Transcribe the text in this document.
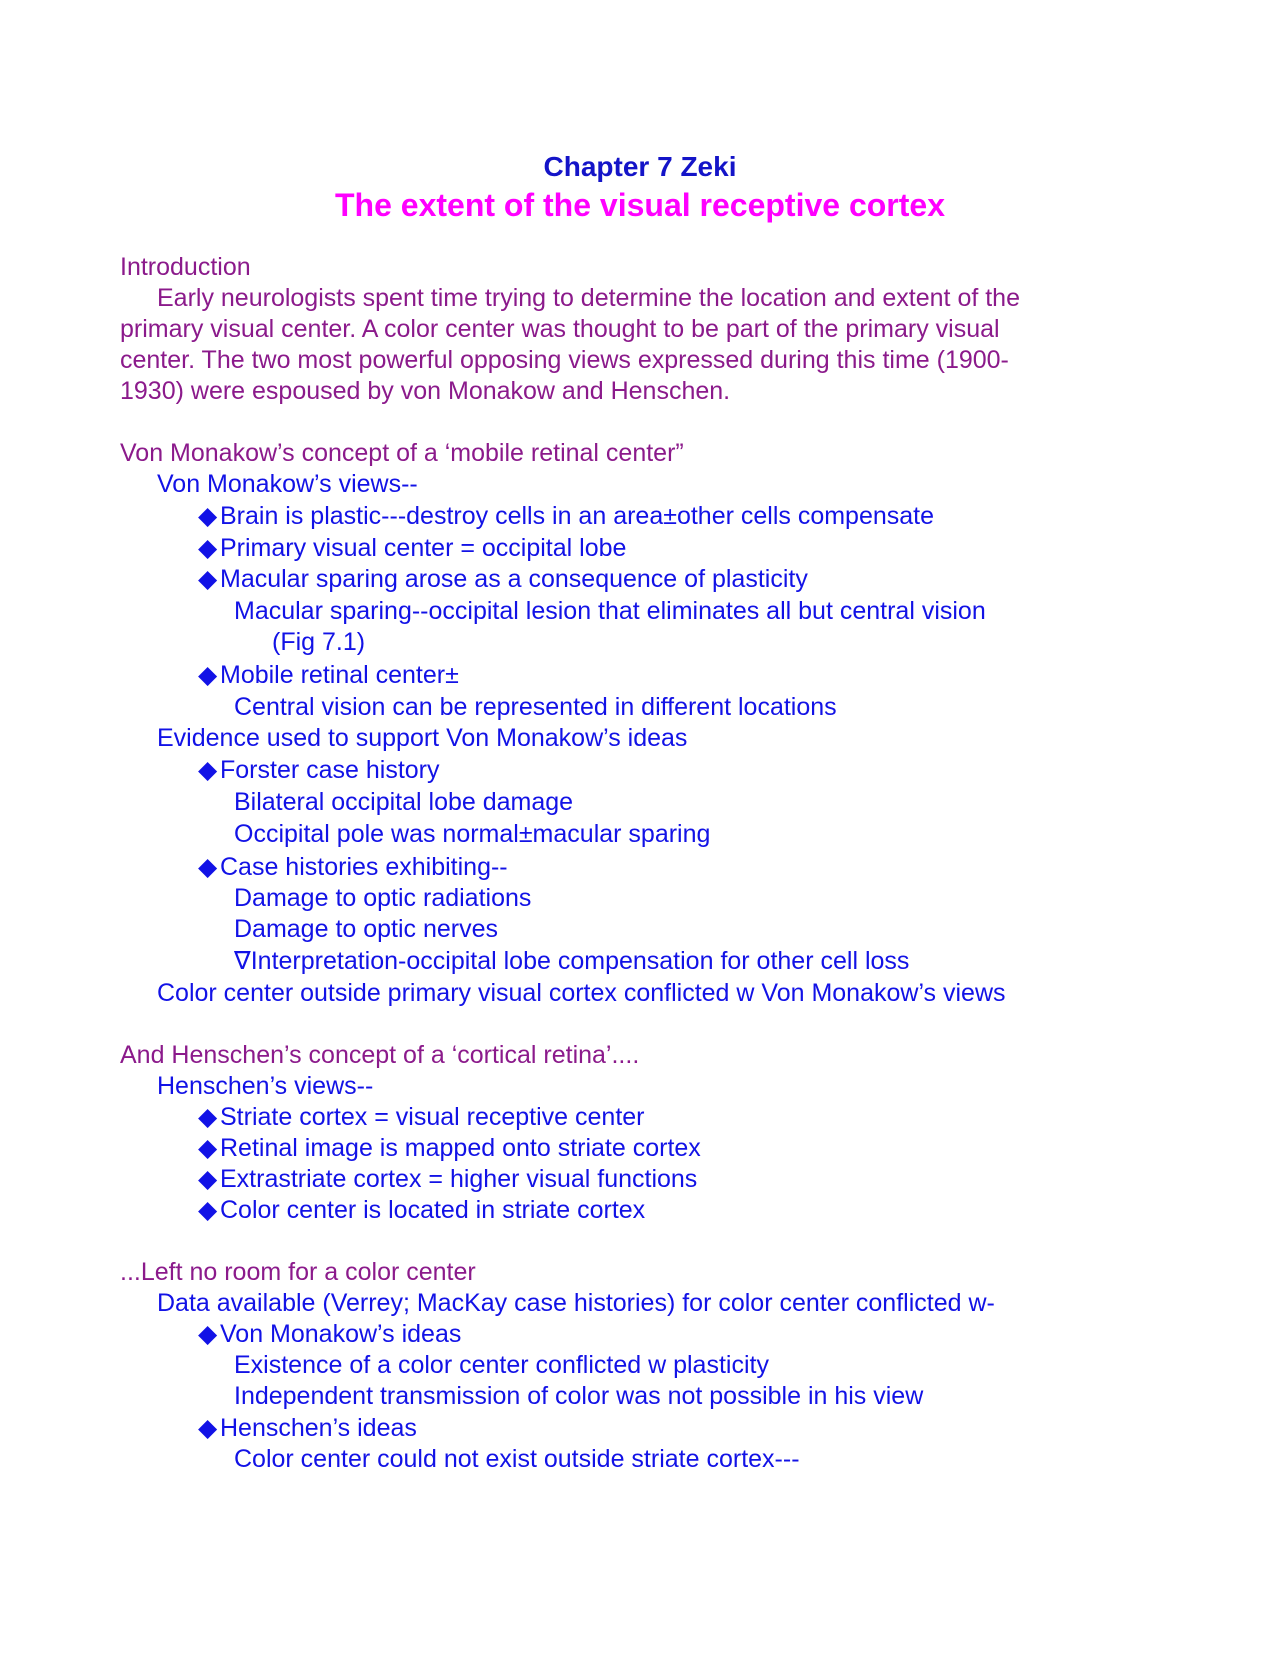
Chapter 7 Zeki
The extent of the visual receptive cortex
Introduction
Early neurologists spent time trying to determine the location and extent of the
primary visual center. A color center was thought to be part of the primary visual
center. The two most powerful opposing views expressed during this time (1900-
1930) were espoused by von Monakow and Henschen.
Von Monakow’s concept of a ‘mobile retinal center”
Von Monakow’s views--
◆ Brain is plastic---destroy cells in an area±other cells compensate
◆ Primary visual center = occipital lobe
◆ Macular sparing arose as a consequence of plasticity
Macular sparing--occipital lesion that eliminates all but central vision
(Fig 7.1)
◆ Mobile retinal center±
Central vision can be represented in different locations
Evidence used to support Von Monakow’s ideas
◆ Forster case history
Bilateral occipital lobe damage
Occipital pole was normal±macular sparing
◆ Case histories exhibiting--
Damage to optic radiations
Damage to optic nerves
∇Interpretation-occipital lobe compensation for other cell loss
Color center outside primary visual cortex conflicted w Von Monakow’s views
And Henschen’s concept of a ‘cortical retina’....
Henschen’s views--
◆ Striate cortex = visual receptive center
◆ Retinal image is mapped onto striate cortex
◆ Extrastriate cortex = higher visual functions
◆ Color center is located in striate cortex
...Left no room for a color center
Data available (Verrey; MacKay case histories) for color center conflicted w-
◆ Von Monakow’s ideas
Existence of a color center conflicted w plasticity
Independent transmission of color was not possible in his view
◆ Henschen’s ideas
Color center could not exist outside striate cortex---
